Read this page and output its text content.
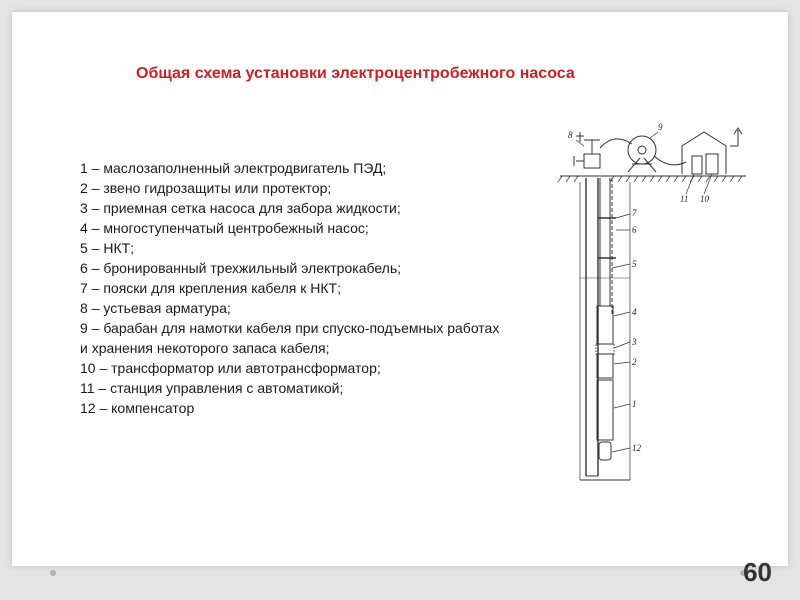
Общая схема установки электроцентробежного насоса
1 – маслозаполненный электродвигатель ПЭД;
2 – звено гидрозащиты или протектор;
3 – приемная сетка насоса для забора жидкости;
4 – многоступенчатый центробежный насос;
5 – НКТ;
6 – бронированный трехжильный электрокабель;
7 – пояски для крепления кабеля к НКТ;
8 – устьевая арматура;
9 – барабан для намотки кабеля при спуско-подъемных работах и хранения некоторого запаса кабеля;
10 – трансформатор или автотрансформатор;
11 – станция управления с автоматикой;
12 – компенсатор
7
6
5
4
3
2
1
12
8
9
11 10
60
